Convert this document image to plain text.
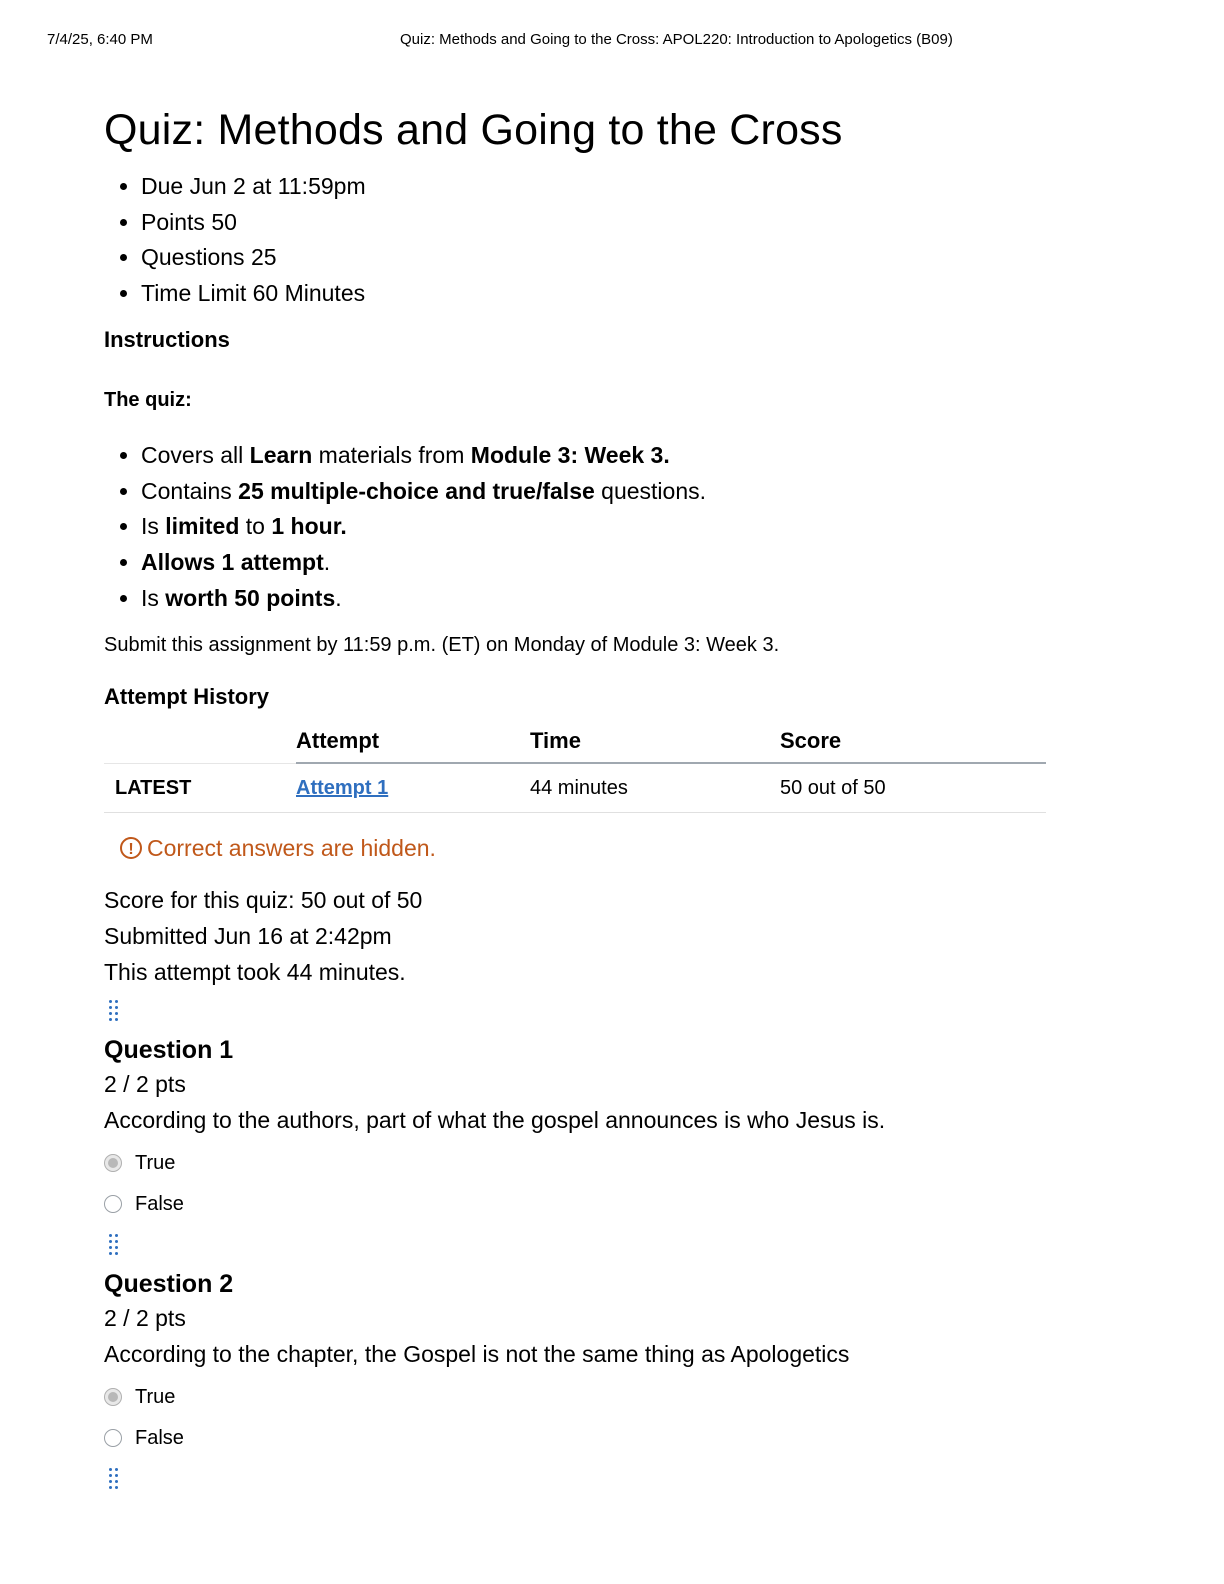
7/4/25, 6:40 PM	Quiz: Methods and Going to the Cross: APOL220: Introduction to Apologetics (B09)
Quiz: Methods and Going to the Cross
• Due Jun 2 at 11:59pm
• Points 50
• Questions 25
• Time Limit 60 Minutes
Instructions
The quiz:
• Covers all Learn materials from Module 3: Week 3.
• Contains 25 multiple-choice and true/false questions.
• Is limited to 1 hour.
• Allows 1 attempt.
• Is worth 50 points.
Submit this assignment by 11:59 p.m. (ET) on Monday of Module 3: Week 3.
Attempt History
	Attempt	Time	Score
LATEST	Attempt 1	44 minutes	50 out of 50
! Correct answers are hidden.
Score for this quiz: 50 out of 50
Submitted Jun 16 at 2:42pm
This attempt took 44 minutes.
Question 1
2 / 2 pts
According to the authors, part of what the gospel announces is who Jesus is.
True
False
Question 2
2 / 2 pts
According to the chapter, the Gospel is not the same thing as Apologetics
True
False
